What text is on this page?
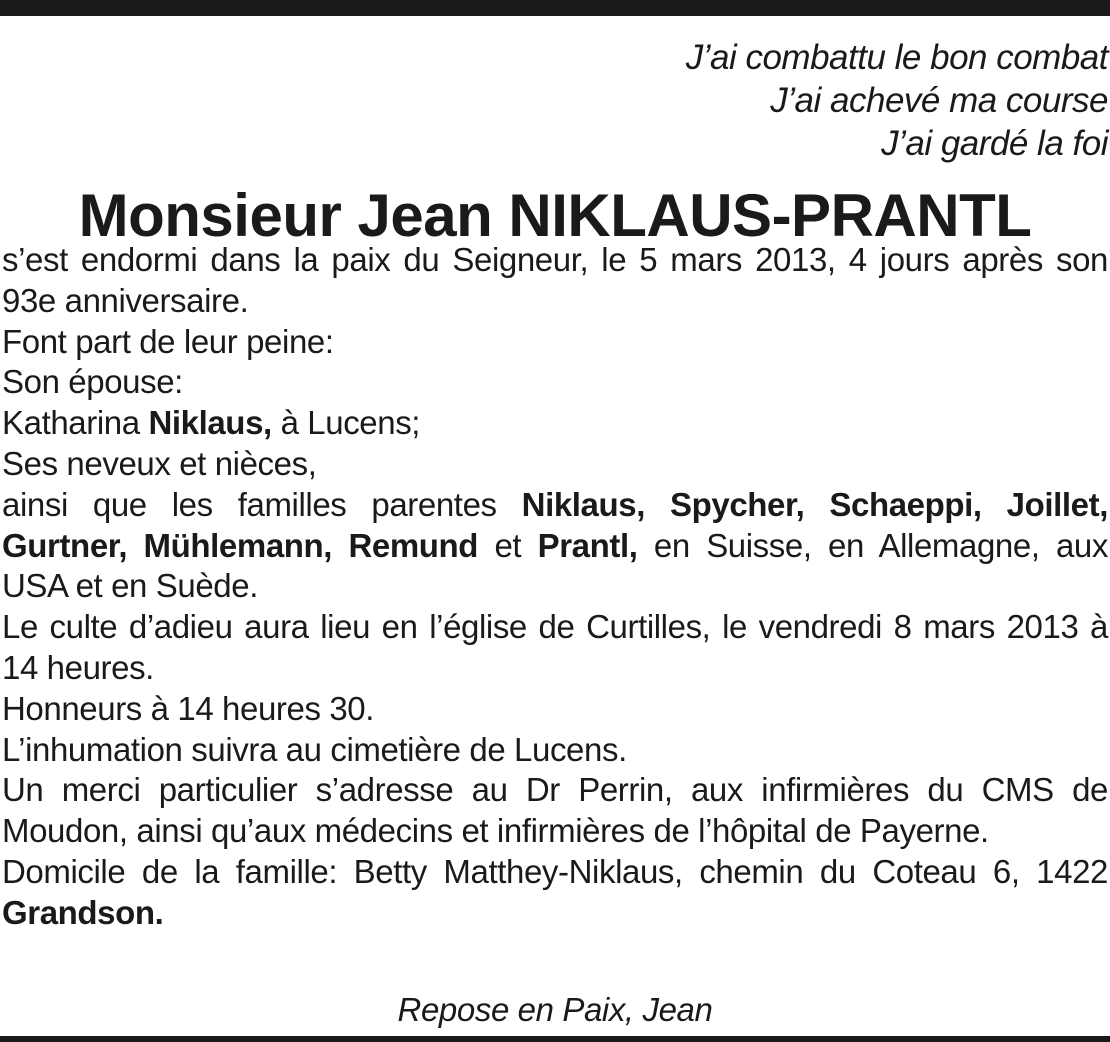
J’ai combattu le bon combat
J’ai achevé ma course
J’ai gardé la foi
Monsieur Jean NIKLAUS-PRANTL

s’est endormi dans la paix du Seigneur, le 5 mars 2013, 4 jours après son 93e anniversaire.

Font part de leur peine:

Son épouse:

Katharina Niklaus, à Lucens;

Ses neveux et nièces,

ainsi que les familles parentes Niklaus, Spycher, Schaeppi, Joillet, Gurtner, Mühlemann, Remund et Prantl, en Suisse, en Allemagne, aux USA et en Suède.

Le culte d’adieu aura lieu en l’église de Curtilles, le vendredi 8 mars 2013 à 14 heures.

Honneurs à 14 heures 30.

L’inhumation suivra au cimetière de Lucens.

Un merci particulier s’adresse au Dr Perrin, aux infirmières du CMS de Moudon, ainsi qu’aux médecins et infirmières de l’hôpital de Payerne.

Domicile de la famille: Betty Matthey-Niklaus, chemin du Coteau 6, 1422 Grandson.

Repose en Paix, Jean
